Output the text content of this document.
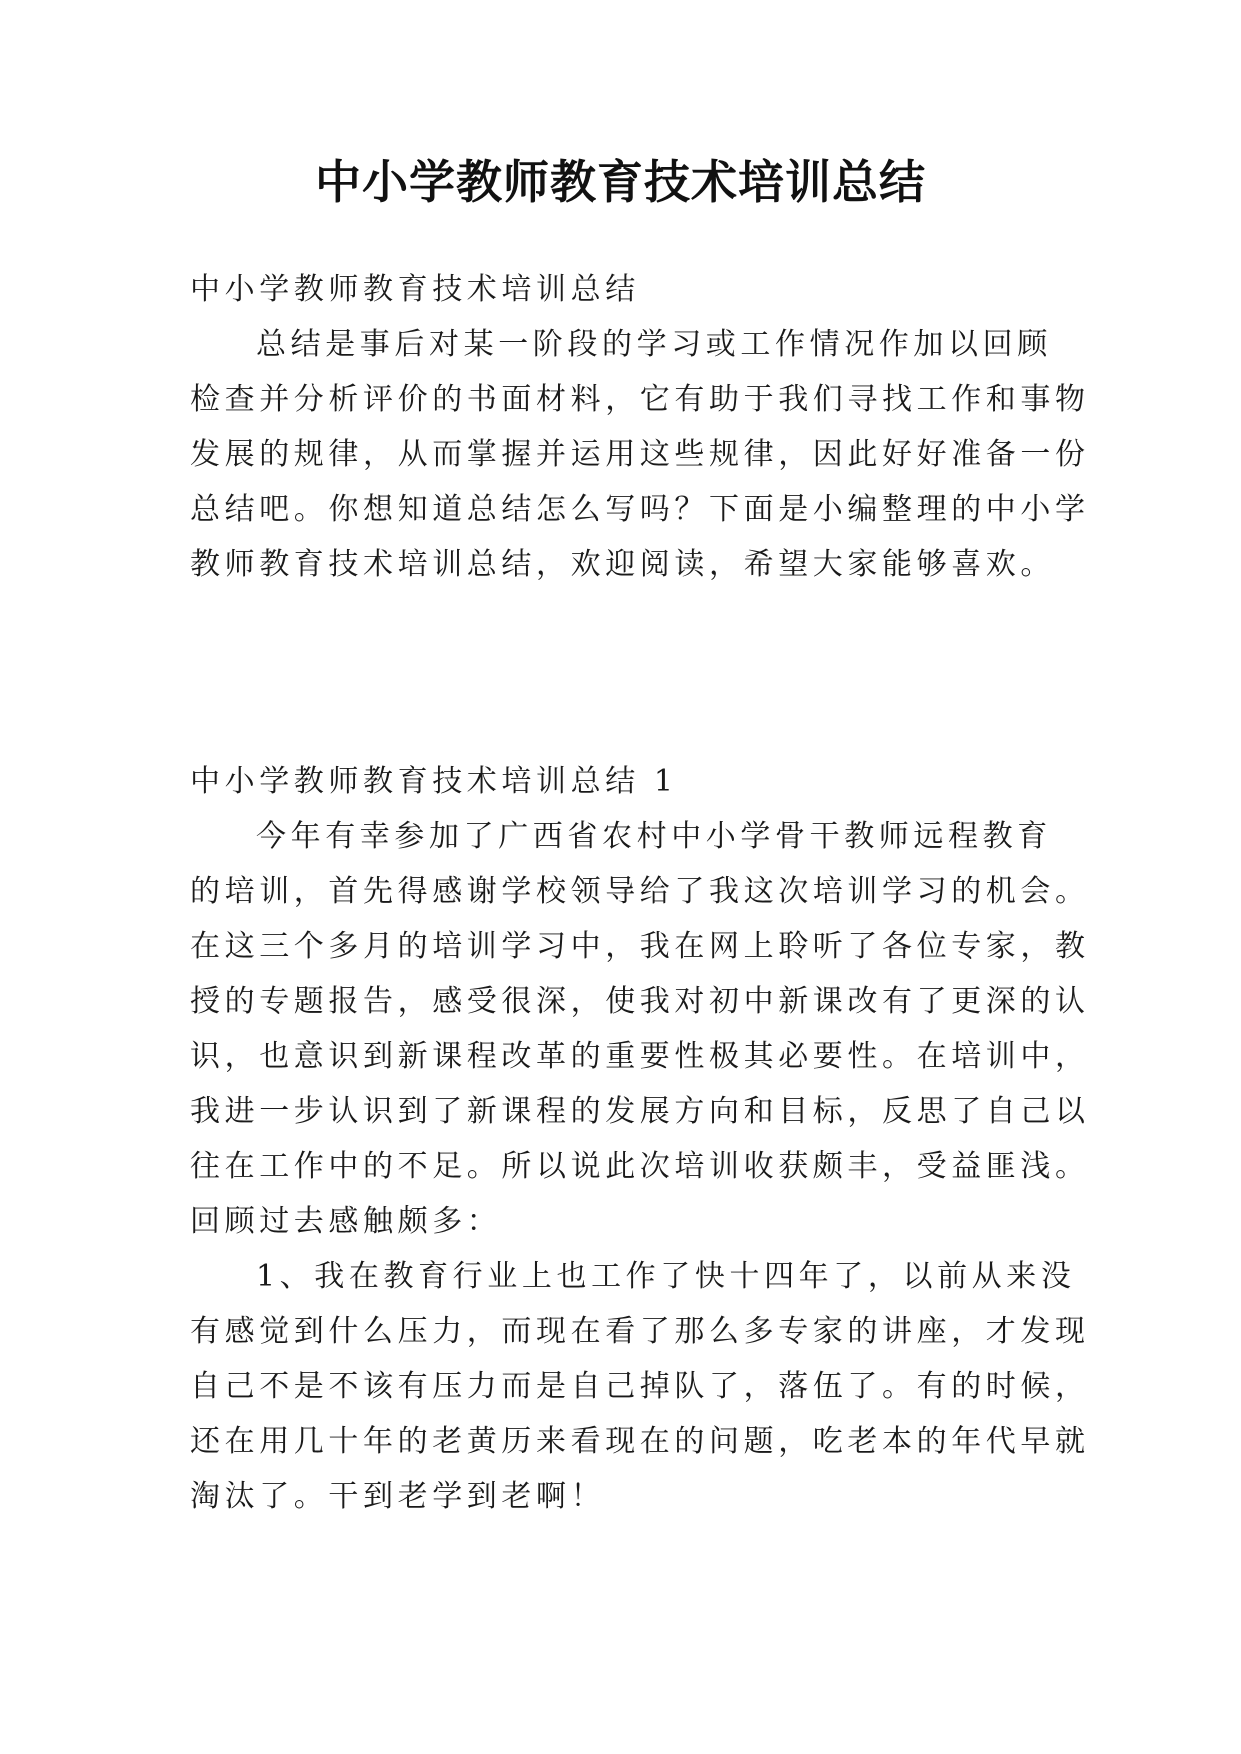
中小学教师教育技术培训总结
中小学教师教育技术培训总结
总结是事后对某一阶段的学习或工作情况作加以回顾
检查并分析评价的书面材料，它有助于我们寻找工作和事物
发展的规律，从而掌握并运用这些规律，因此好好准备一份
总结吧。你想知道总结怎么写吗？下面是小编整理的中小学
教师教育技术培训总结，欢迎阅读，希望大家能够喜欢。
中小学教师教育技术培训总结 1
今年有幸参加了广西省农村中小学骨干教师远程教育
的培训，首先得感谢学校领导给了我这次培训学习的机会。
在这三个多月的培训学习中，我在网上聆听了各位专家，教
授的专题报告，感受很深，使我对初中新课改有了更深的认
识，也意识到新课程改革的重要性极其必要性。在培训中，
我进一步认识到了新课程的发展方向和目标，反思了自己以
往在工作中的不足。所以说此次培训收获颇丰，受益匪浅。
回顾过去感触颇多：
1、我在教育行业上也工作了快十四年了，以前从来没
有感觉到什么压力，而现在看了那么多专家的讲座，才发现
自己不是不该有压力而是自己掉队了，落伍了。有的时候，
还在用几十年的老黄历来看现在的问题，吃老本的年代早就
淘汰了。干到老学到老啊！
